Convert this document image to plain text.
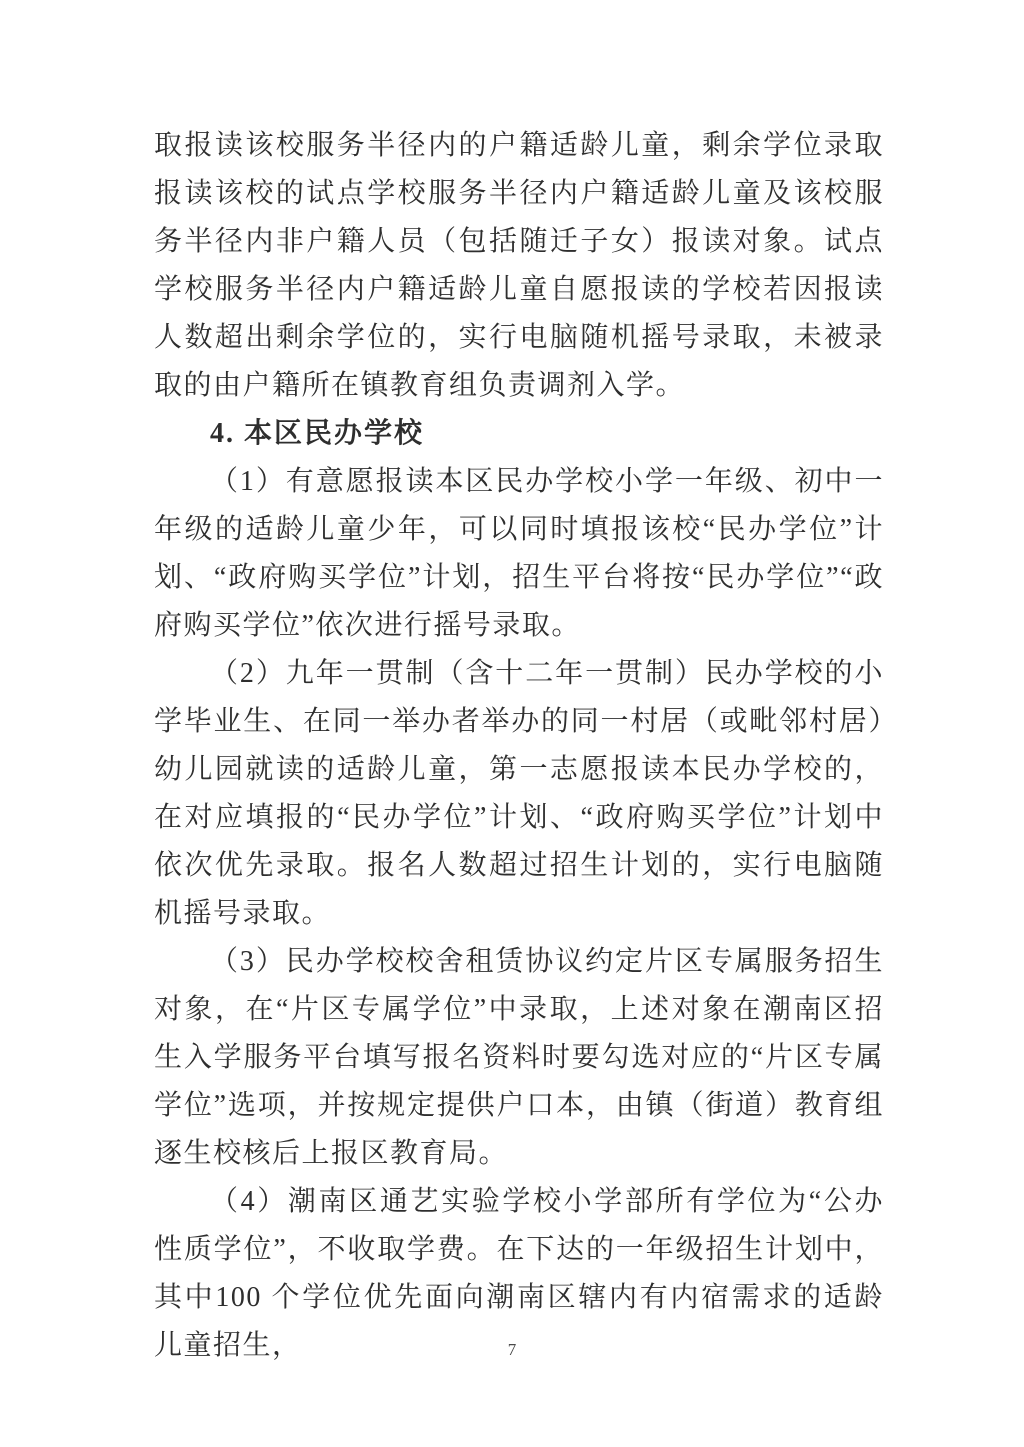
取报读该校服务半径内的户籍适龄儿童，剩余学位录取报读该校的试点学校服务半径内户籍适龄儿童及该校服务半径内非户籍人员（包括随迁子女）报读对象。试点学校服务半径内户籍适龄儿童自愿报读的学校若因报读人数超出剩余学位的，实行电脑随机摇号录取，未被录取的由户籍所在镇教育组负责调剂入学。

4. 本区民办学校

（1）有意愿报读本区民办学校小学一年级、初中一年级的适龄儿童少年，可以同时填报该校“民办学位”计划、“政府购买学位”计划，招生平台将按“民办学位”“政府购买学位”依次进行摇号录取。

（2）九年一贯制（含十二年一贯制）民办学校的小学毕业生、在同一举办者举办的同一村居（或毗邻村居）幼儿园就读的适龄儿童，第一志愿报读本民办学校的，在对应填报的“民办学位”计划、“政府购买学位”计划中依次优先录取。报名人数超过招生计划的，实行电脑随机摇号录取。

（3）民办学校校舍租赁协议约定片区专属服务招生对象，在“片区专属学位”中录取，上述对象在潮南区招生入学服务平台填写报名资料时要勾选对应的“片区专属学位”选项，并按规定提供户口本，由镇（街道）教育组逐生校核后上报区教育局。

（4）潮南区通艺实验学校小学部所有学位为“公办性质学位”，不收取学费。在下达的一年级招生计划中，其中100 个学位优先面向潮南区辖内有内宿需求的适龄儿童招生，	7
